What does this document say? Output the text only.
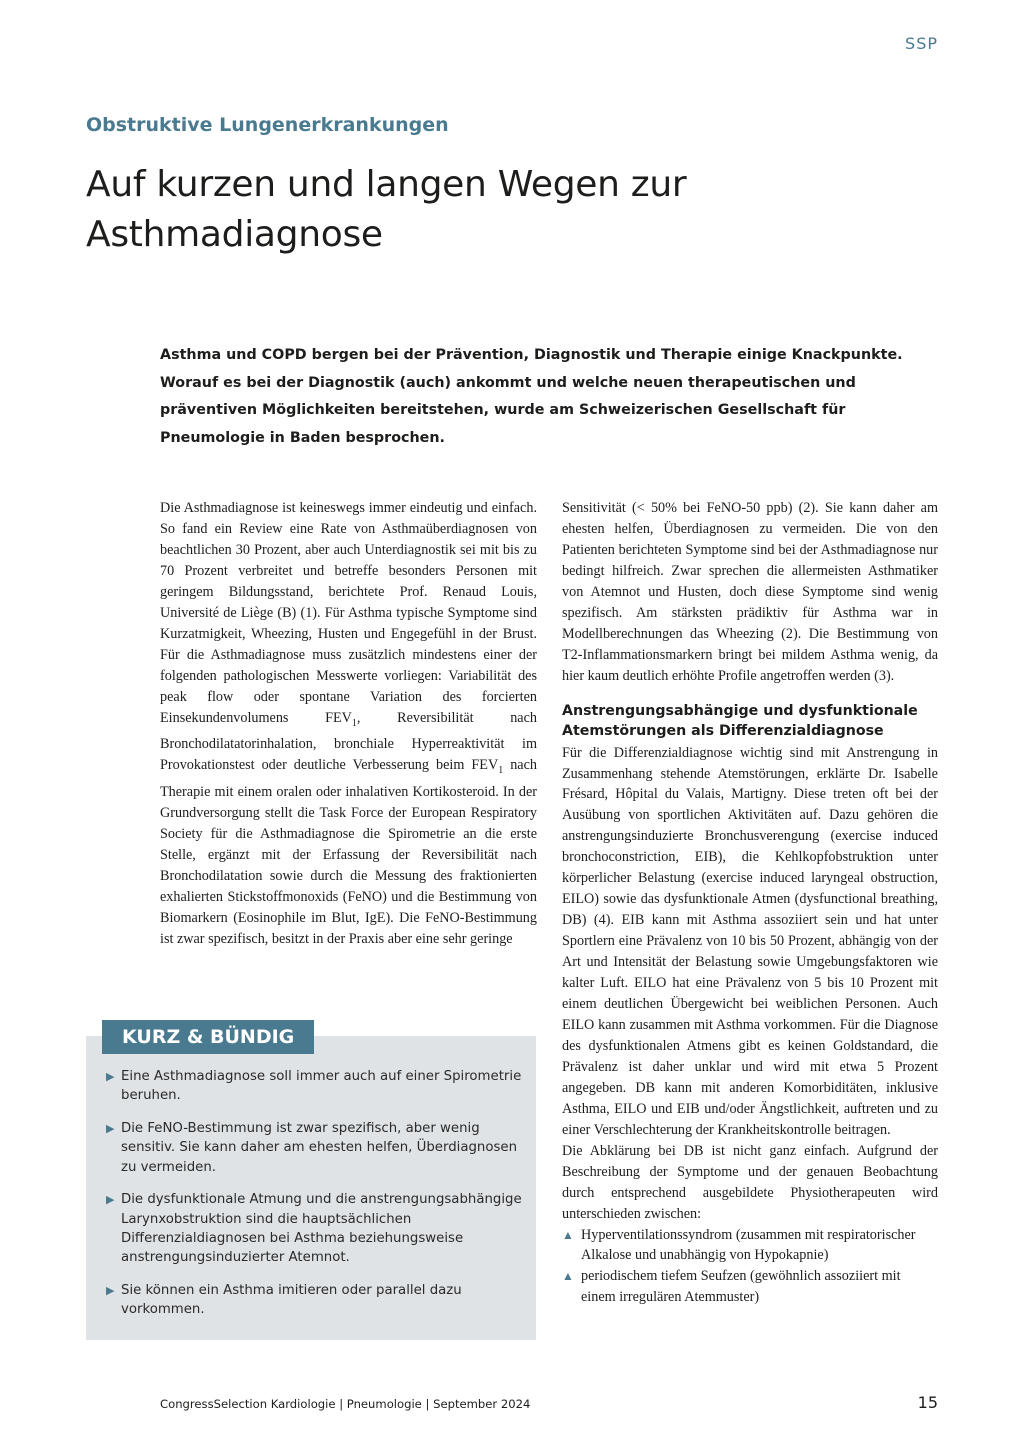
SSP
Obstruktive Lungenerkrankungen
Auf kurzen und langen Wegen zur Asthmadiagnose

Asthma und COPD bergen bei der Prävention, Diagnostik und Therapie einige Knackpunkte. Worauf es bei der Diagnostik (auch) ankommt und welche neuen therapeutischen und präventiven Möglichkeiten bereitstehen, wurde am Schweizerischen Gesellschaft für Pneumologie in Baden besprochen.

Die Asthmadiagnose ist keineswegs immer eindeutig und einfach. So fand ein Review eine Rate von Asthmaüberdiagnosen von beachtlichen 30 Prozent, aber auch Unterdiagnostik sei mit bis zu 70 Prozent verbreitet und betreffe besonders Personen mit geringem Bildungsstand, berichtete Prof. Renaud Louis, Université de Liège (B) (1). Für Asthma typische Symptome sind Kurzatmigkeit, Wheezing, Husten und Engegefühl in der Brust. Für die Asthmadiagnose muss zusätzlich mindestens einer der folgenden pathologischen Messwerte vorliegen: Variabilität des peak flow oder spontane Variation des forcierten Einsekundenvolumens $FEV_1$, Reversibilität nach Bronchodilatatorinhalation, bronchiale Hyperreaktivität im Provokationstest oder deutliche Verbesserung beim $FEV_1$ nach Therapie mit einem oralen oder inhalativen Kortikosteroid. In der Grundversorgung stellt die Task Force der European Respiratory Society für die Asthmadiagnose die Spirometrie an die erste Stelle, ergänzt mit der Erfassung der Reversibilität nach Bronchodilatation sowie durch die Messung des fraktionierten exhalierten Stickstoffmonoxids (FeNO) und die Bestimmung von Biomarkern (Eosinophile im Blut, IgE). Die FeNO-Bestimmung ist zwar spezifisch, besitzt in der Praxis aber eine sehr geringe

Sensitivität (< 50% bei FeNO-50 ppb) (2). Sie kann daher am ehesten helfen, Überdiagnosen zu vermeiden. Die von den Patienten berichteten Symptome sind bei der Asthmadiagnose nur bedingt hilfreich. Zwar sprechen die allermeisten Asthmatiker von Atemnot und Husten, doch diese Symptome sind wenig spezifisch. Am stärksten prädiktiv für Asthma war in Modellberechnungen das Wheezing (2). Die Bestimmung von T2-Inflammationsmarkern bringt bei mildem Asthma wenig, da hier kaum deutlich erhöhte Profile angetroffen werden (3).

Anstrengungsabhängige und dysfunktionale Atemstörungen als Differenzialdiagnose

Für die Differenzialdiagnose wichtig sind mit Anstrengung in Zusammenhang stehende Atemstörungen, erklärte Dr. Isabelle Frésard, Hôpital du Valais, Martigny. Diese treten oft bei der Ausübung von sportlichen Aktivitäten auf. Dazu gehören die anstrengungsinduzierte Bronchusverengung (exercise induced bronchoconstriction, EIB), die Kehlkopfobstruktion unter körperlicher Belastung (exercise induced laryngeal obstruction, EILO) sowie das dysfunktionale Atmen (dysfunctional breathing, DB) (4). EIB kann mit Asthma assoziiert sein und hat unter Sportlern eine Prävalenz von 10 bis 50 Prozent, abhängig von der Art und Intensität der Belastung sowie Umgebungsfaktoren wie kalter Luft. EILO hat eine Prävalenz von 5 bis 10 Prozent mit einem deutlichen Übergewicht bei weiblichen Personen. Auch EILO kann zusammen mit Asthma vorkommen. Für die Diagnose des dysfunktionalen Atmens gibt es keinen Goldstandard, die Prävalenz ist daher unklar und wird mit etwa 5 Prozent angegeben. DB kann mit anderen Komorbiditäten, inklusive Asthma, EILO und EIB und/oder Ängstlichkeit, auftreten und zu einer Verschlechterung der Krankheitskontrolle beitragen.

Die Abklärung bei DB ist nicht ganz einfach. Aufgrund der Beschreibung der Symptome und der genauen Beobachtung durch entsprechend ausgebildete Physiotherapeuten wird unterschieden zwischen:

▲ Hyperventilationssyndrom (zusammen mit respiratorischer Alkalose und unabhängig von Hypokapnie)
▲ periodischem tiefem Seufzen (gewöhnlich assoziiert mit einem irregulären Atemmuster)
KURZ & BÜNDIG
▶ Eine Asthmadiagnose soll immer auch auf einer Spirometrie beruhen.
▶ Die FeNO-Bestimmung ist zwar spezifisch, aber wenig sensitiv. Sie kann daher am ehesten helfen, Überdiagnosen zu vermeiden.
▶ Die dysfunktionale Atmung und die anstrengungsabhängige Larynxobstruktion sind die hauptsächlichen Differenzialdiagnosen bei Asthma beziehungsweise anstrengungsinduzierter Atemnot.
▶ Sie können ein Asthma imitieren oder parallel dazu vorkommen.
CongressSelection Kardiologie | Pneumologie | September 2024	15
